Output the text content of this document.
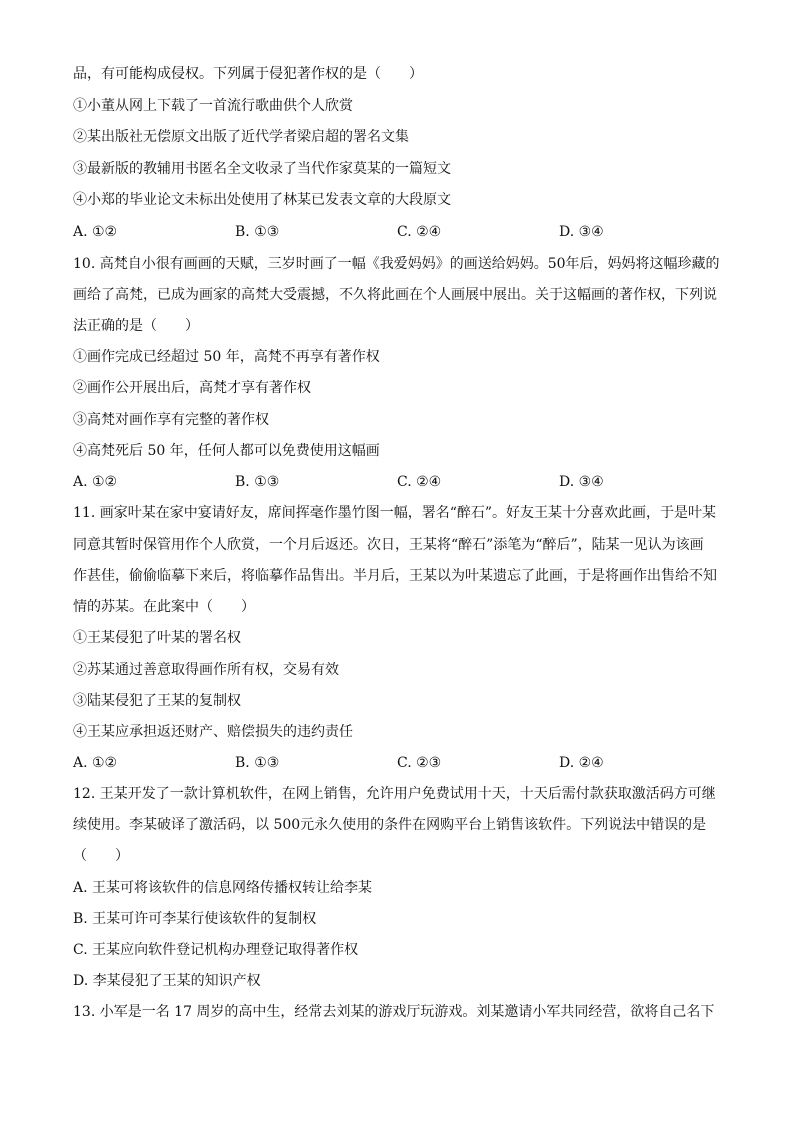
品，有可能构成侵权。下列属于侵犯著作权的是（　　）
①小董从网上下载了一首流行歌曲供个人欣赏
②某出版社无偿原文出版了近代学者梁启超的署名文集
③最新版的教辅用书匿名全文收录了当代作家莫某的一篇短文
④小郑的毕业论文未标出处使用了林某已发表文章的大段原文
A. ①②	B. ①③	C. ②④	D. ③④
10. 高梵自小很有画画的天赋，三岁时画了一幅《我爱妈妈》的画送给妈妈。50年后，妈妈将这幅珍藏的
画给了高梵，已成为画家的高梵大受震撼，不久将此画在个人画展中展出。关于这幅画的著作权，下列说
法正确的是（　　）
①画作完成已经超过 50 年，高梵不再享有著作权
②画作公开展出后，高梵才享有著作权
③高梵对画作享有完整的著作权
④高梵死后 50 年，任何人都可以免费使用这幅画
A. ①②	B. ①③	C. ②④	D. ③④
11. 画家叶某在家中宴请好友，席间挥毫作墨竹图一幅，署名“醉石”。好友王某十分喜欢此画，于是叶某
同意其暂时保管用作个人欣赏，一个月后返还。次日，王某将“醉石”添笔为“醉后”，陆某一见认为该画
作甚佳，偷偷临摹下来后，将临摹作品售出。半月后，王某以为叶某遗忘了此画，于是将画作出售给不知
情的苏某。在此案中（　　）
①王某侵犯了叶某的署名权
②苏某通过善意取得画作所有权，交易有效
③陆某侵犯了王某的复制权
④王某应承担返还财产、赔偿损失的违约责任
A. ①②	B. ①③	C. ②③	D. ②④
12. 王某开发了一款计算机软件，在网上销售，允许用户免费试用十天，十天后需付款获取激活码方可继
续使用。李某破译了激活码，以 500元永久使用的条件在网购平台上销售该软件。下列说法中错误的是
（　　）
A. 王某可将该软件的信息网络传播权转让给李某
B. 王某可许可李某行使该软件的复制权
C. 王某应向软件登记机构办理登记取得著作权
D. 李某侵犯了王某的知识产权
13. 小军是一名 17 周岁的高中生，经常去刘某的游戏厅玩游戏。刘某邀请小军共同经营，欲将自己名下
